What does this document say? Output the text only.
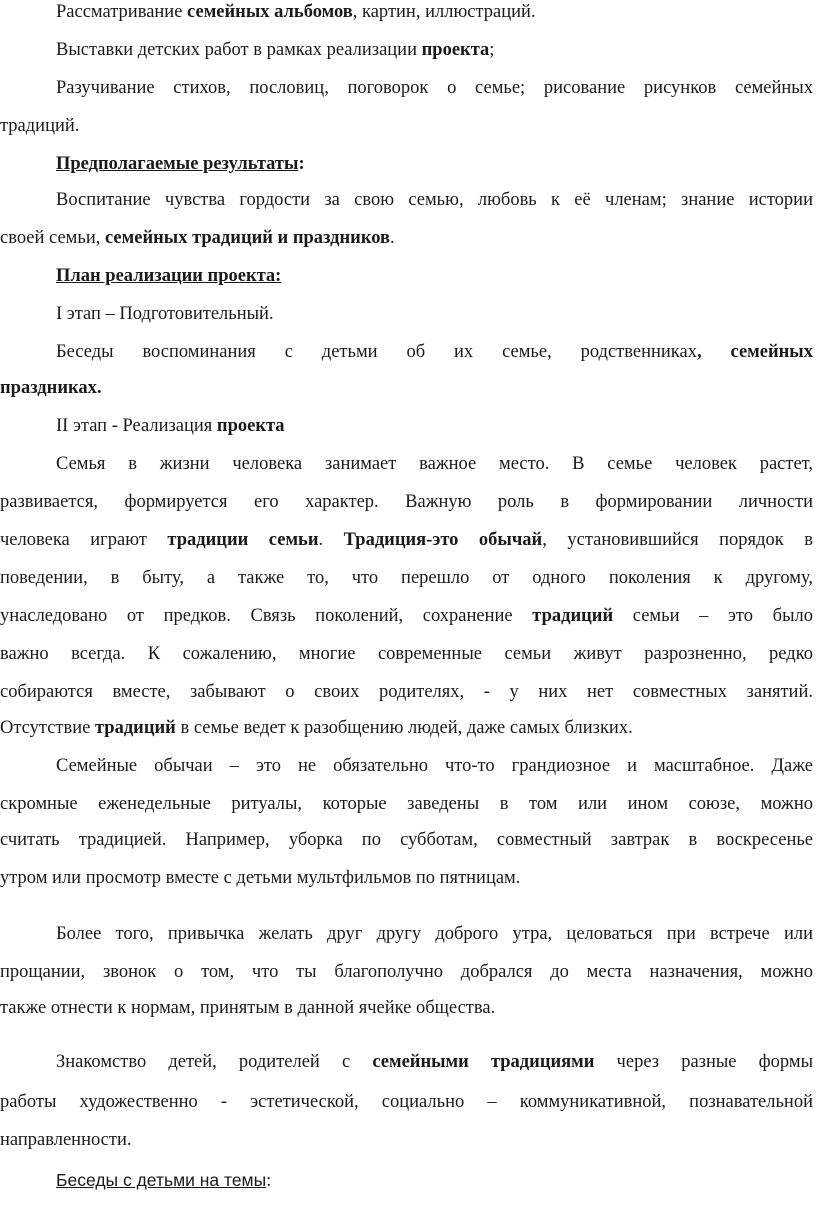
Рассматривание семейных альбомов, картин, иллюстраций.
Выставки детских работ в рамках реализации проекта;
Разучивание стихов, пословиц, поговорок о семье; рисование рисунков семейных
традиций.
Предполагаемые результаты:
Воспитание чувства гордости за свою семью, любовь к её членам; знание истории
своей семьи, семейных традиций и праздников.
План реализации проекта:
I этап – Подготовительный.
Беседы воспоминания с детьми об их семье, родственниках, семейных
праздниках.
II этап - Реализация проекта
Семья в жизни человека занимает важное место. В семье человек растет,
развивается, формируется его характер. Важную роль в формировании личности
человека играют традиции семьи. Традиция-это обычай, установившийся порядок в
поведении, в быту, а также то, что перешло от одного поколения к другому,
унаследовано от предков. Связь поколений, сохранение традиций семьи – это было
важно всегда. К сожалению, многие современные семьи живут разрозненно, редко
собираются вместе, забывают о своих родителях, - у них нет совместных занятий.
Отсутствие традиций в семье ведет к разобщению людей, даже самых близких.
Семейные обычаи – это не обязательно что-то грандиозное и масштабное. Даже
скромные еженедельные ритуалы, которые заведены в том или ином союзе, можно
считать традицией. Например, уборка по субботам, совместный завтрак в воскресенье
утром или просмотр вместе с детьми мультфильмов по пятницам.
Более того, привычка желать друг другу доброго утра, целоваться при встрече или
прощании, звонок о том, что ты благополучно добрался до места назначения, можно
также отнести к нормам, принятым в данной ячейке общества.
Знакомство детей, родителей с семейными традициями через разные формы
работы художественно - эстетической, социально – коммуникативной, познавательной
направленности.
Беседы с детьми на темы:
